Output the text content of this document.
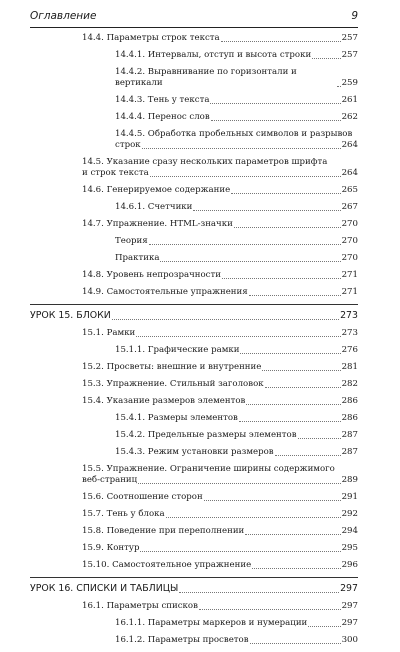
Оглавление	9
14.4. Параметры строк текста	257
14.4.1. Интервалы, отступ и высота строки	257
14.4.2. Выравнивание по горизонтали и вертикали	259
14.4.3. Тень у текста	261
14.4.4. Перенос слов	262
14.4.5. Обработка пробельных символов и разрывов
строк	264
14.5. Указание сразу нескольких параметров шрифта
и строк текста	264
14.6. Генерируемое содержание	265
14.6.1. Счетчики	267
14.7. Упражнение. HTML-значки	270
Теория	270
Практика	270
14.8. Уровень непрозрачности	271
14.9. Самостоятельные упражнения	271
УРОК 15. БЛОКИ	273
15.1. Рамки	273
15.1.1. Графические рамки	276
15.2. Просветы: внешние и внутренние	281
15.3. Упражнение. Стильный заголовок	282
15.4. Указание размеров элементов	286
15.4.1. Размеры элементов	286
15.4.2. Предельные размеры элементов	287
15.4.3. Режим установки размеров	287
15.5. Упражнение. Ограничение ширины содержимого
веб-страниц	289
15.6. Соотношение сторон	291
15.7. Тень у блока	292
15.8. Поведение при переполнении	294
15.9. Контур	295
15.10. Самостоятельное упражнение	296
УРОК 16. СПИСКИ И ТАБЛИЦЫ	297
16.1. Параметры списков	297
16.1.1. Параметры маркеров и нумерации	297
16.1.2. Параметры просветов	300
